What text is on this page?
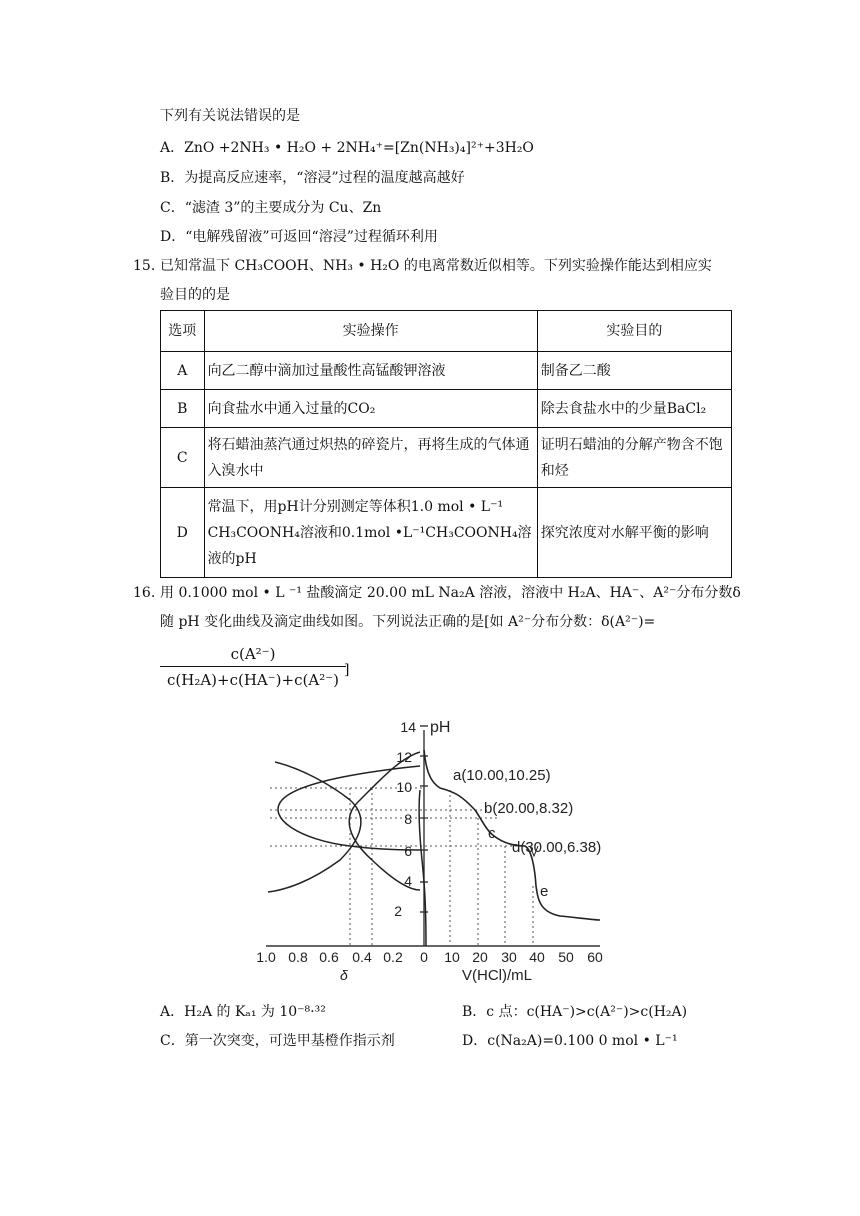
下列有关说法错误的是
A．ZnO +2NH₃ • H₂O + 2NH₄⁺=[Zn(NH₃)₄]²⁺+3H₂O
B．为提高反应速率，“溶浸”过程的温度越高越好
C．“滤渣 3”的主要成分为 Cu、Zn
D．“电解残留液”可返回“溶浸”过程循环利用
15. 已知常温下 CH₃COOH、NH₃ • H₂O 的电离常数近似相等。下列实验操作能达到相应实
验目的的是
选项	实验操作	实验目的
A	向乙二醇中滴加过量酸性高锰酸钾溶液	制备乙二酸
B	向食盐水中通入过量的CO₂	除去食盐水中的少量BaCl₂
C	将石蜡油蒸汽通过炽热的碎瓷片，再将生成的气体通入溴水中	证明石蜡油的分解产物含不饱和烃
D	常温下，用pH计分别测定等体积1.0 mol • L⁻¹ CH₃COONH₄溶液和0.1mol •L⁻¹CH₃COONH₄溶液的pH	探究浓度对水解平衡的影响
16. 用 0.1000 mol • L ⁻¹ 盐酸滴定 20.00 mL Na₂A 溶液，溶液中 H₂A、HA⁻、A²⁻分布分数δ
随 pH 变化曲线及滴定曲线如图。下列说法正确的是[如 A²⁻分布分数：δ(A²⁻)=
c(A²⁻)
c(H₂A)+c(HA⁻)+c(A²⁻)
]
2
4
6
8
10
12
14 pH
1.0 0.8 0.6 0.4 0.2 0 10 20 30 40 50 60
δ	V(HCl)/mL
a(10.00,10.25)
b(20.00,8.32)
c
d(30.00,6.38)
e
A．H₂A 的 Kₐ₁ 为 10⁻⁸·³²	B．c 点：c(HA⁻)>c(A²⁻)>c(H₂A)
C．第一次突变，可选甲基橙作指示剂	D．c(Na₂A)=0.100 0 mol • L⁻¹
